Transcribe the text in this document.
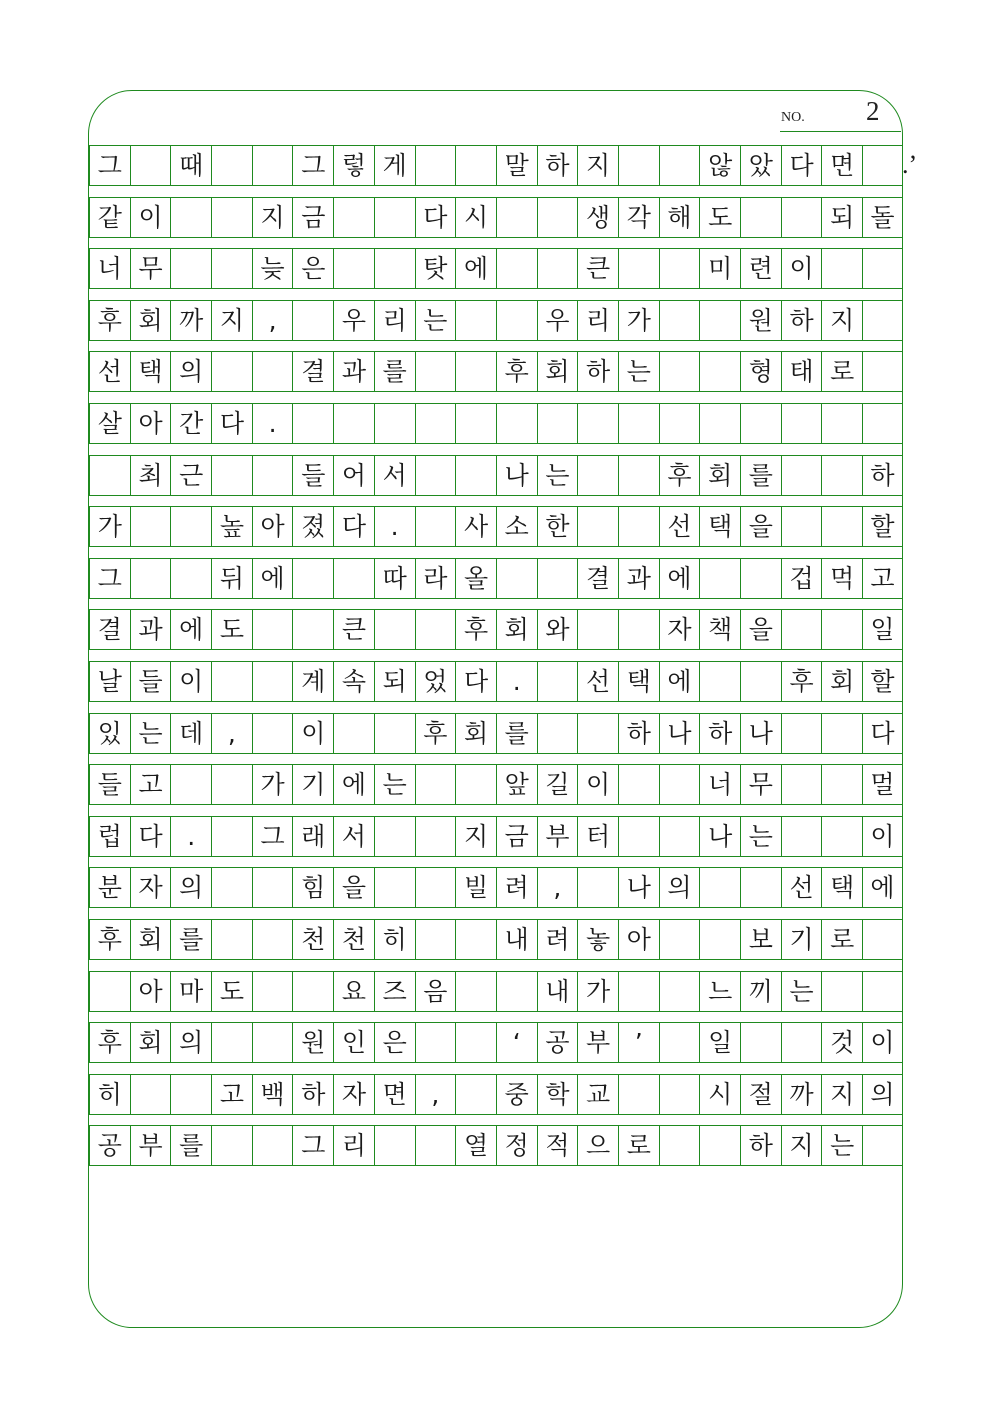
NO. 2
그	때	그 렇 게	말 하 지	않 았 다 면
같 이	지 금	다 시	생 각 해 도	되 돌
너 무	늦 은	탓 에	큰	미 련 이
후 회 까 지 ,	우 리 는	우 리 가	원 하 지
선 택 의	결 과 를	후 회 하 는	형 태 로
살 아 간 다 .
최 근	들 어 서	나 는	후 회 를	하
가	높 아 졌 다 .	사 소 한	선 택 을	할
그	뒤 에	따 라 올	결 과 에	겁 먹 고
결 과 에 도	큰	후 회 와	자 책 을	일
날 들 이	계 속 되 었 다 .	선 택 에	후 회 할
있 는 데 ,	이	후 회 를	하 나 하 나	다
들 고	가 기 에 는	앞 길 이	너 무	멀
럽 다 .	그 래 서	지 금 부 터	나 는	이
분 자 의	힘 을	빌 려 ,	나 의	선 택 에
후 회 를	천 천 히	내 려 놓 아	보 기 로
아 마 도	요 즈 음	내 가	느 끼 는
후 회 의	원 인 은	‘ 공 부 ’	일	것 이
히	고 백 하 자 면 ,	중 학 교	시 절 까 지 의
공 부 를	그 리	열 정 적 으 로	하 지 는
.’
